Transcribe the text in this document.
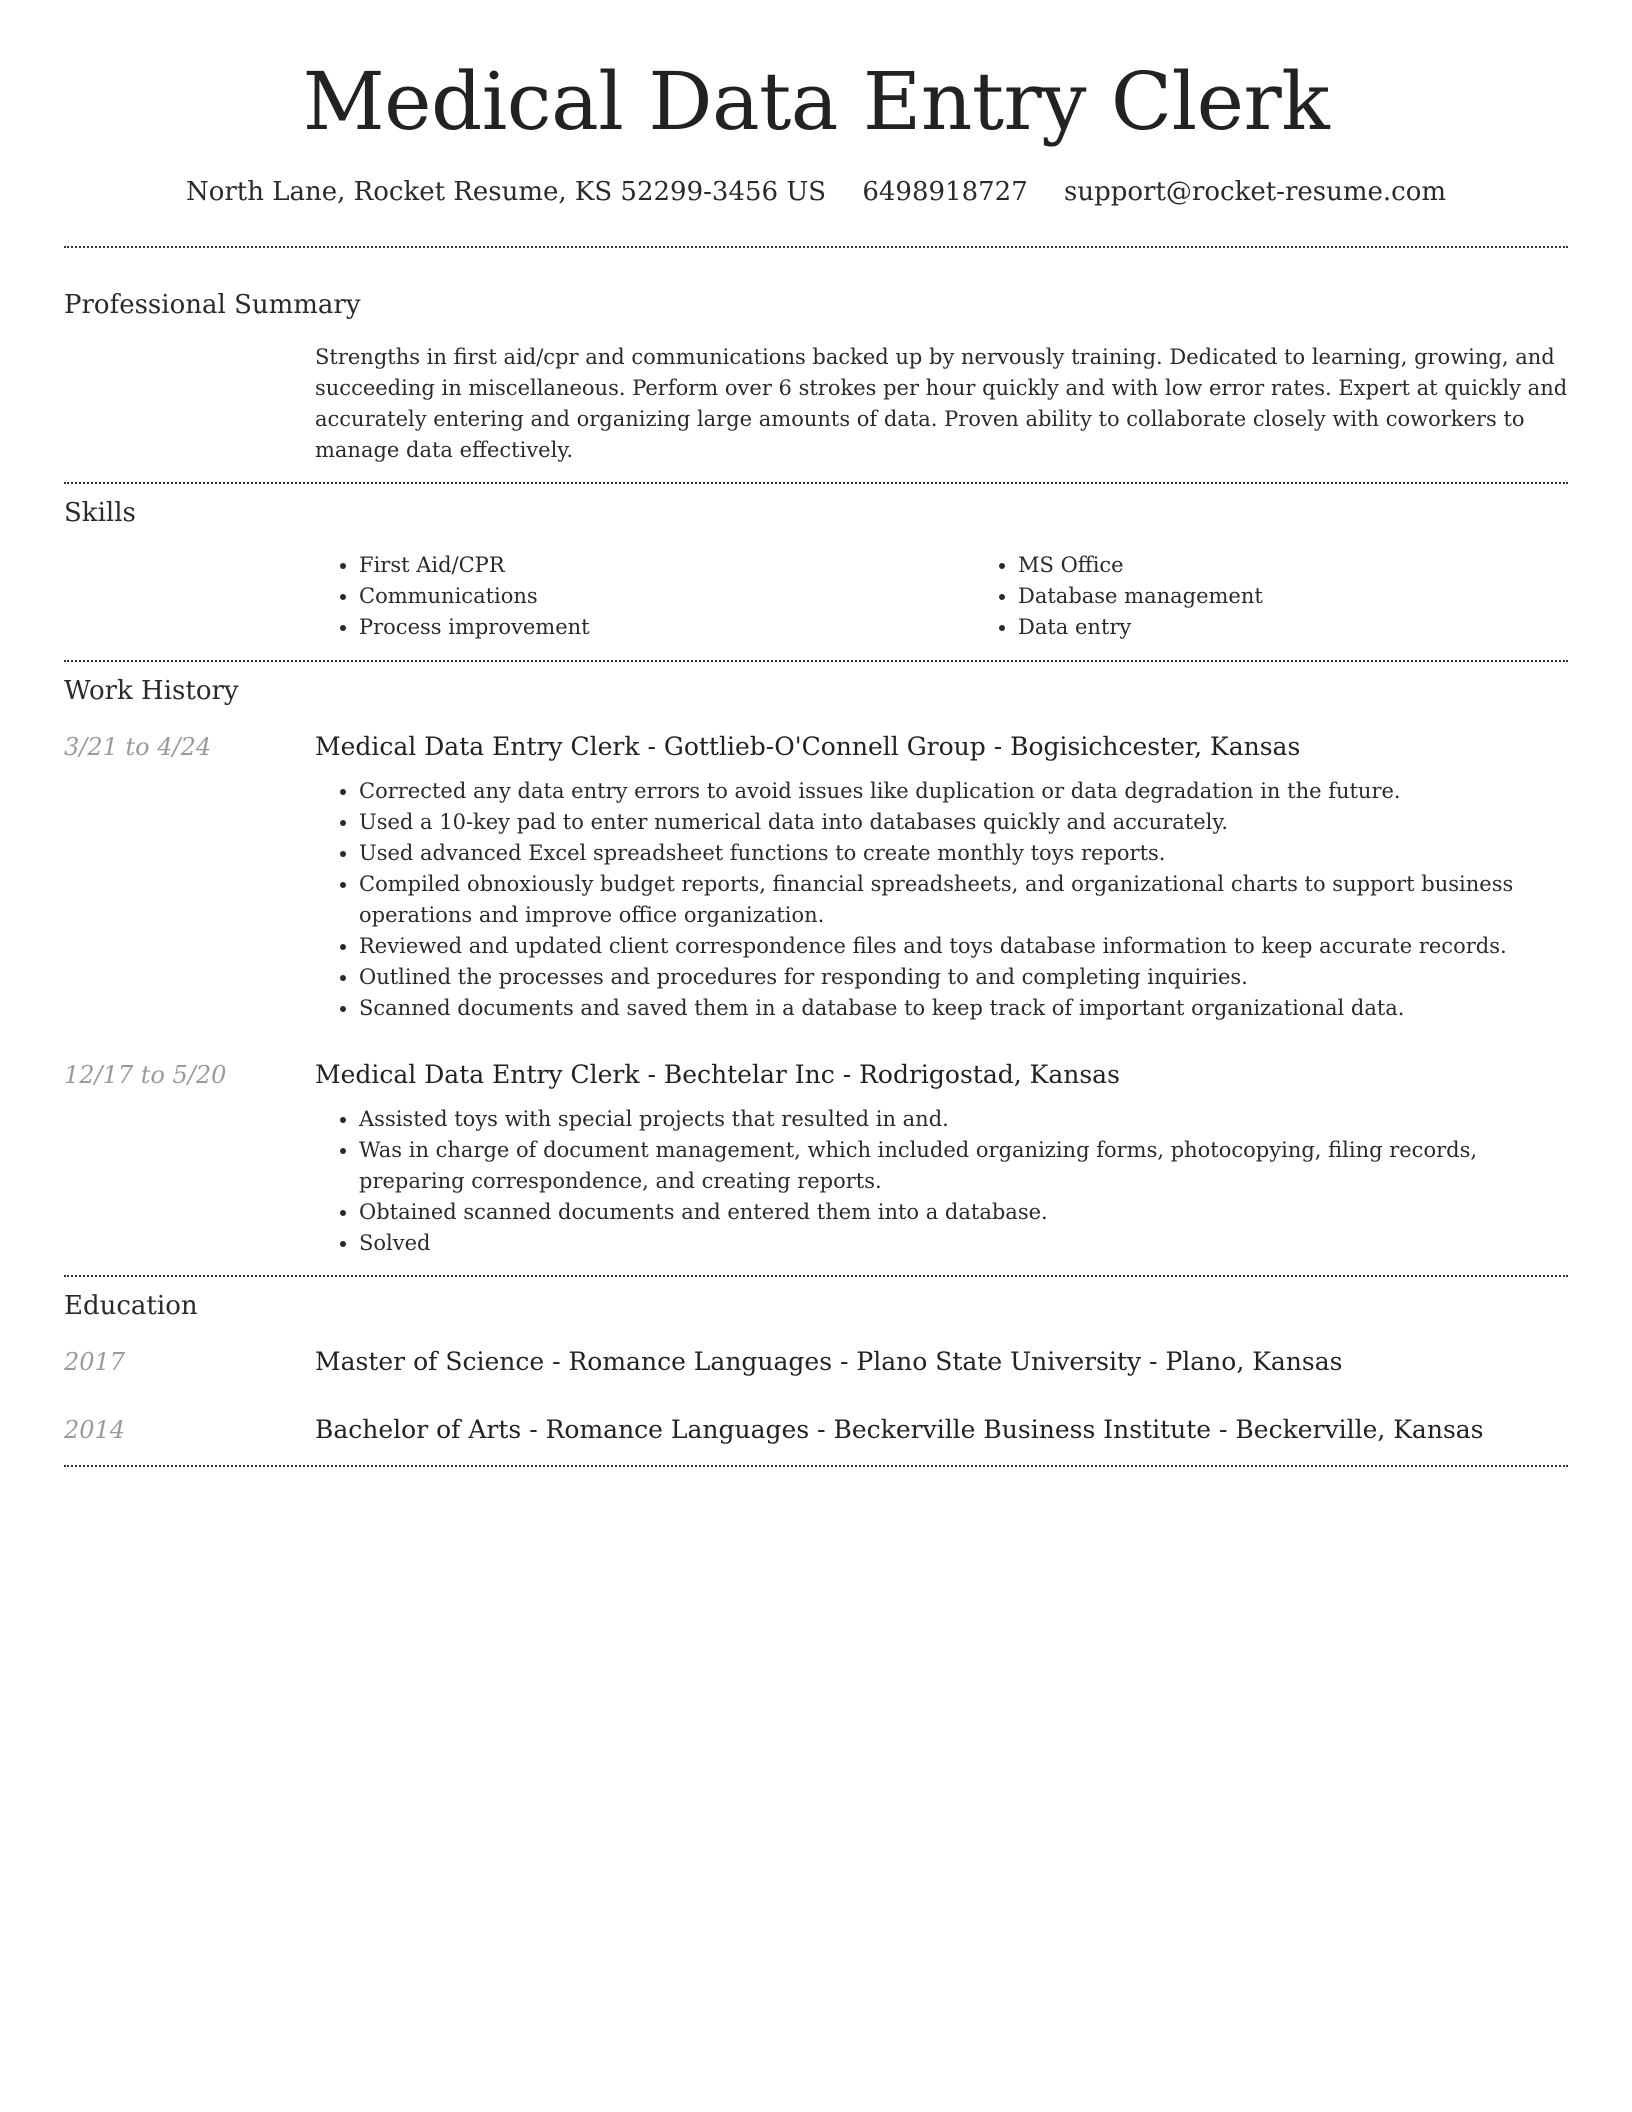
Medical Data Entry Clerk
North Lane, Rocket Resume, KS 52299-3456 US 6498918727 support@rocket-resume.com
Professional Summary

Strengths in first aid/cpr and communications backed up by nervously training. Dedicated to learning, growing, and succeeding in miscellaneous. Perform over 6 strokes per hour quickly and with low error rates. Expert at quickly and accurately entering and organizing large amounts of data. Proven ability to collaborate closely with coworkers to manage data effectively.

Skills
• First Aid/CPR
• Communications
• Process improvement
• MS Office
• Database management
• Data entry
Work History
3/21 to 4/24	Medical Data Entry Clerk - Gottlieb-O'Connell Group - Bogisichcester, Kansas
• Corrected any data entry errors to avoid issues like duplication or data degradation in the future.
• Used a 10-key pad to enter numerical data into databases quickly and accurately.
• Used advanced Excel spreadsheet functions to create monthly toys reports.
• Compiled obnoxiously budget reports, financial spreadsheets, and organizational charts to support business operations and improve office organization.
• Reviewed and updated client correspondence files and toys database information to keep accurate records.
• Outlined the processes and procedures for responding to and completing inquiries.
• Scanned documents and saved them in a database to keep track of important organizational data.
12/17 to 5/20	Medical Data Entry Clerk - Bechtelar Inc - Rodrigostad, Kansas
• Assisted toys with special projects that resulted in and.
• Was in charge of document management, which included organizing forms, photocopying, filing records, preparing correspondence, and creating reports.
• Obtained scanned documents and entered them into a database.
• Solved
Education
2017	Master of Science - Romance Languages - Plano State University - Plano, Kansas
2014	Bachelor of Arts - Romance Languages - Beckerville Business Institute - Beckerville, Kansas
